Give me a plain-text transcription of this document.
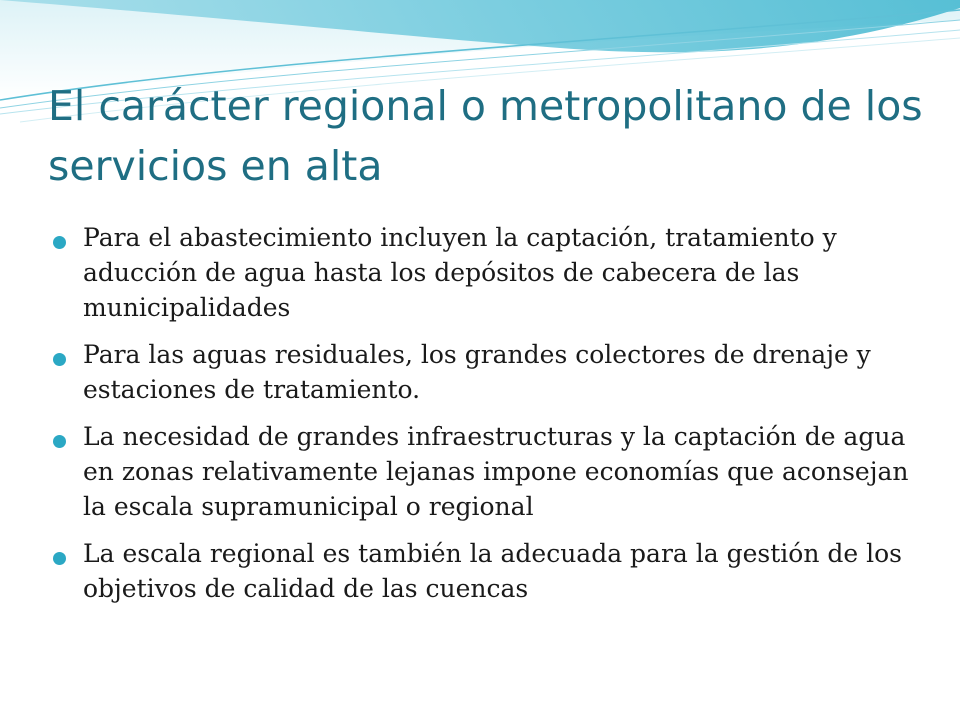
El carácter regional o metropolitano de los servicios en alta
Para el abastecimiento incluyen la captación, tratamiento y aducción de agua hasta los depósitos de cabecera de las municipalidades
Para las aguas residuales, los grandes colectores de drenaje y estaciones de tratamiento.
La necesidad de grandes infraestructuras y la captación de agua en zonas relativamente lejanas impone economías que aconsejan la escala supramunicipal o regional
La escala regional es también la adecuada para la gestión de los objetivos de calidad de las cuencas
